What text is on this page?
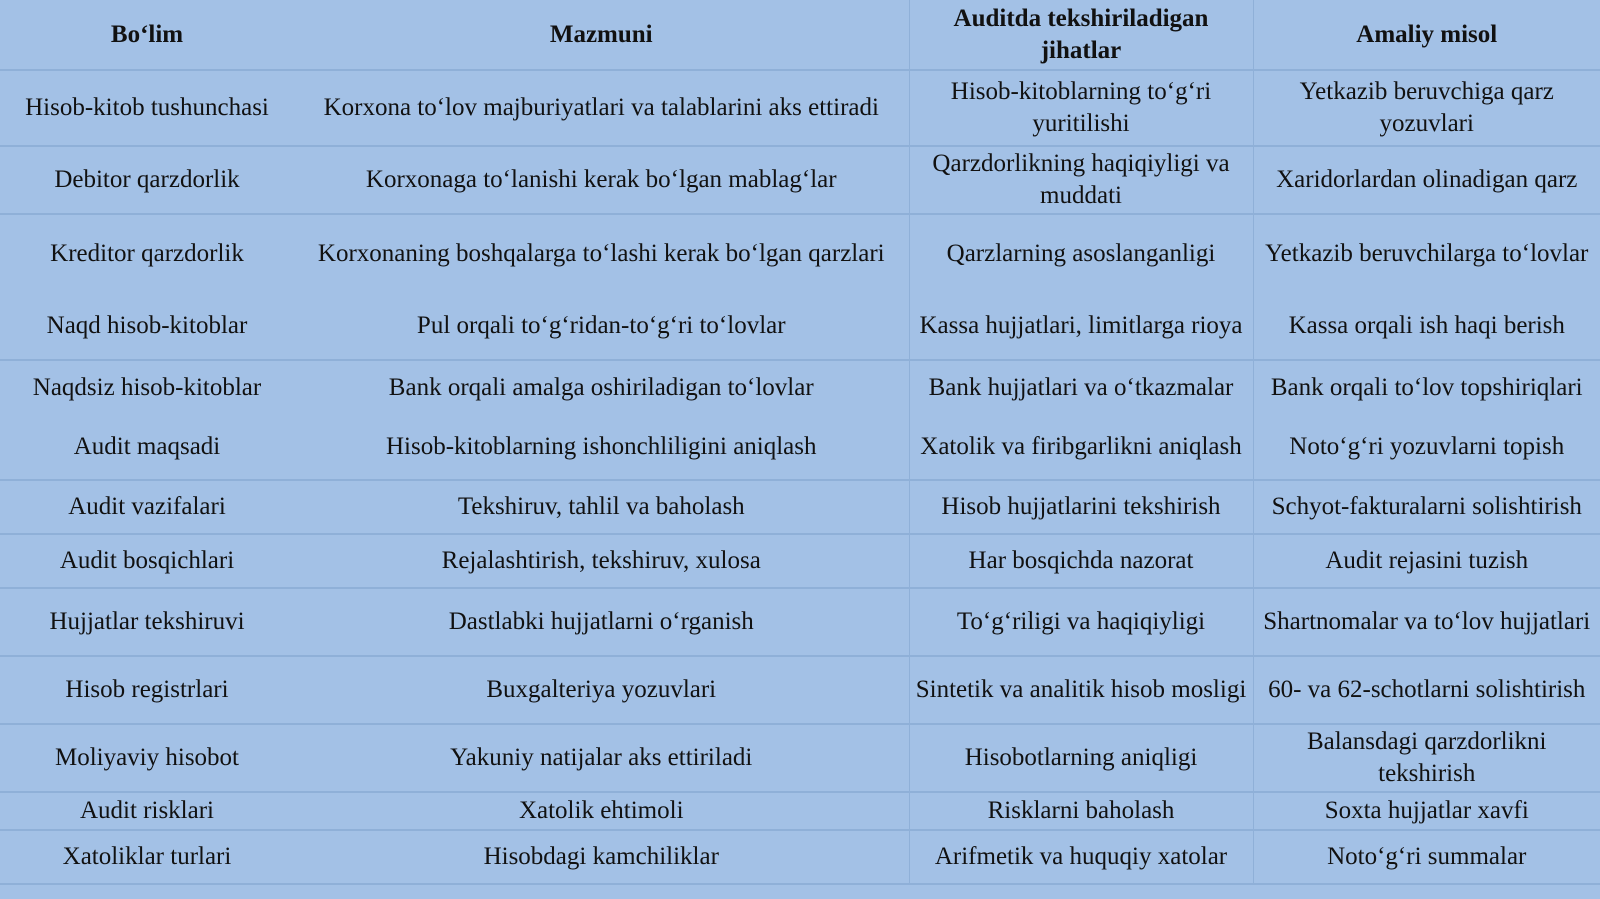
Bo‘lim	Mazmuni	Auditda tekshiriladigan jihatlar	Amaliy misol
Hisob-kitob tushunchasi	Korxona to‘lov majburiyatlari va talablarini aks ettiradi	Hisob-kitoblarning to‘g‘ri yuritilishi	Yetkazib beruvchiga qarz yozuvlari
Debitor qarzdorlik	Korxonaga to‘lanishi kerak bo‘lgan mablag‘lar	Qarzdorlikning haqiqiyligi va muddati	Xaridorlardan olinadigan qarz
Kreditor qarzdorlik	Korxonaning boshqalarga to‘lashi kerak bo‘lgan qarzlari	Qarzlarning asoslanganligi	Yetkazib beruvchilarga to‘lovlar
Naqd hisob-kitoblar	Pul orqali to‘g‘ridan-to‘g‘ri to‘lovlar	Kassa hujjatlari, limitlarga rioya	Kassa orqali ish haqi berish
Naqdsiz hisob-kitoblar	Bank orqali amalga oshiriladigan to‘lovlar	Bank hujjatlari va o‘tkazmalar	Bank orqali to‘lov topshiriqlari
Audit maqsadi	Hisob-kitoblarning ishonchliligini aniqlash	Xatolik va firibgarlikni aniqlash	Noto‘g‘ri yozuvlarni topish
Audit vazifalari	Tekshiruv, tahlil va baholash	Hisob hujjatlarini tekshirish	Schyot-fakturalarni solishtirish
Audit bosqichlari	Rejalashtirish, tekshiruv, xulosa	Har bosqichda nazorat	Audit rejasini tuzish
Hujjatlar tekshiruvi	Dastlabki hujjatlarni o‘rganish	To‘g‘riligi va haqiqiyligi	Shartnomalar va to‘lov hujjatlari
Hisob registrlari	Buxgalteriya yozuvlari	Sintetik va analitik hisob mosligi	60- va 62-schotlarni solishtirish
Moliyaviy hisobot	Yakuniy natijalar aks ettiriladi	Hisobotlarning aniqligi	Balansdagi qarzdorlikni tekshirish
Audit risklari	Xatolik ehtimoli	Risklarni baholash	Soxta hujjatlar xavfi
Xatoliklar turlari	Hisobdagi kamchiliklar	Arifmetik va huquqiy xatolar	Noto‘g‘ri summalar
